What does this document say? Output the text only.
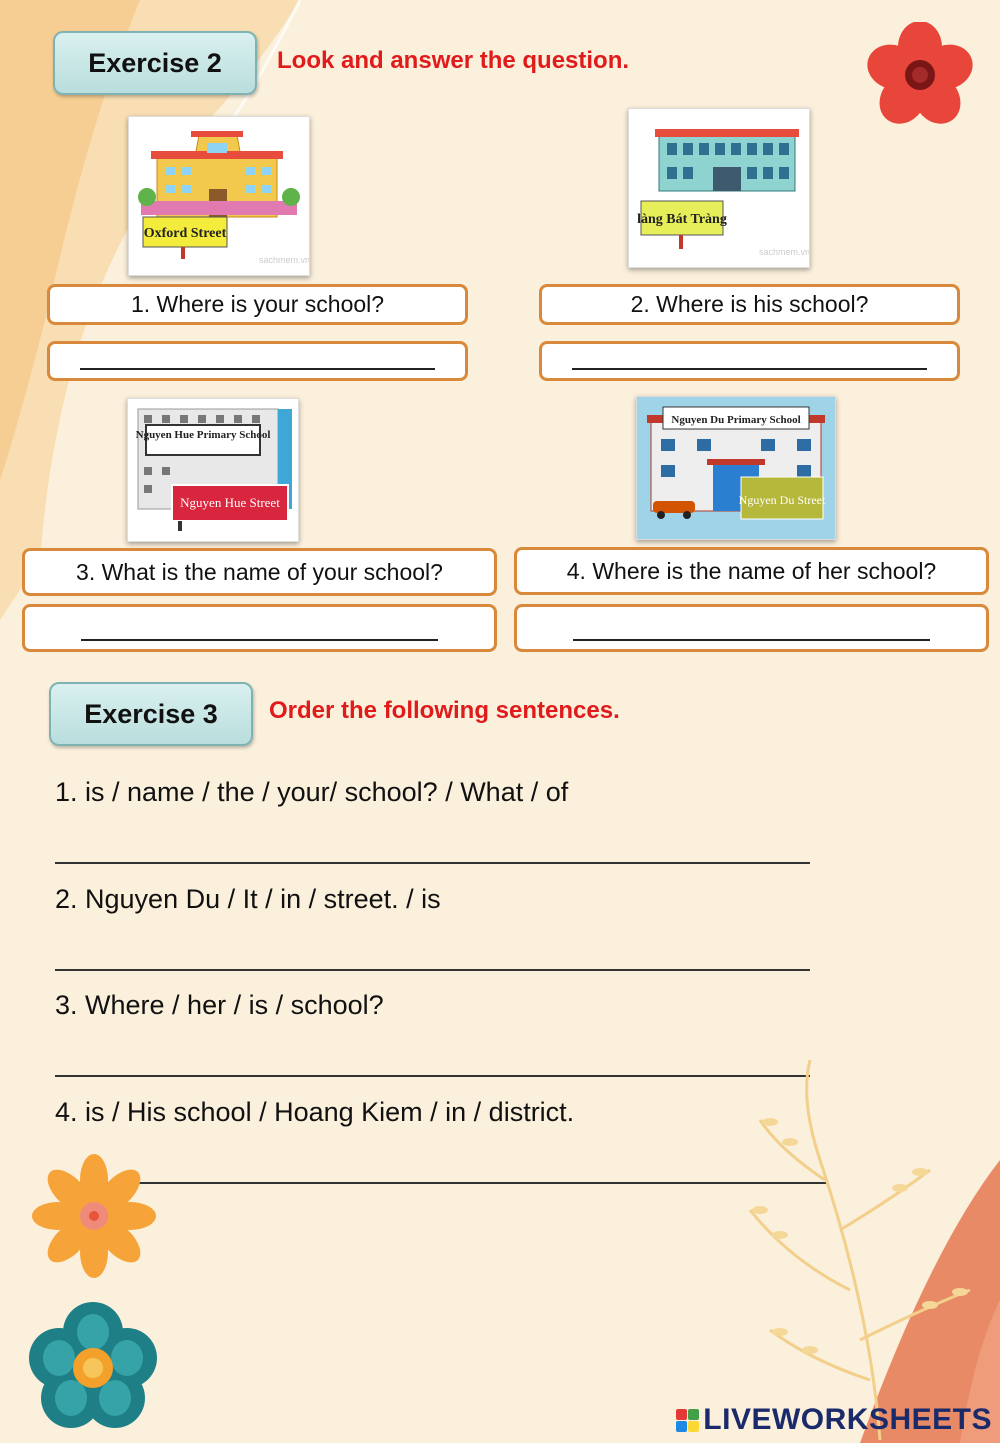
Exercise 2 Look and answer the question.
Oxford Street
sachmem.vn
làng Bát Tràng
sachmem.vn
1. Where is your school?	2. Where is his school?
Nguyen Hue Primary School
Nguyen Hue Street
Nguyen Du Primary School
Nguyen Du Street
3. What is the name of your school?	4. Where is the name of her school?
Exercise 3 Order the following sentences.
1. is / name / the / your/ school? / What / of
2. Nguyen Du / It / in / street. / is
3. Where / her / is / school?
4. is / His school / Hoang Kiem / in / district.
LIVEWORKSHEETS
